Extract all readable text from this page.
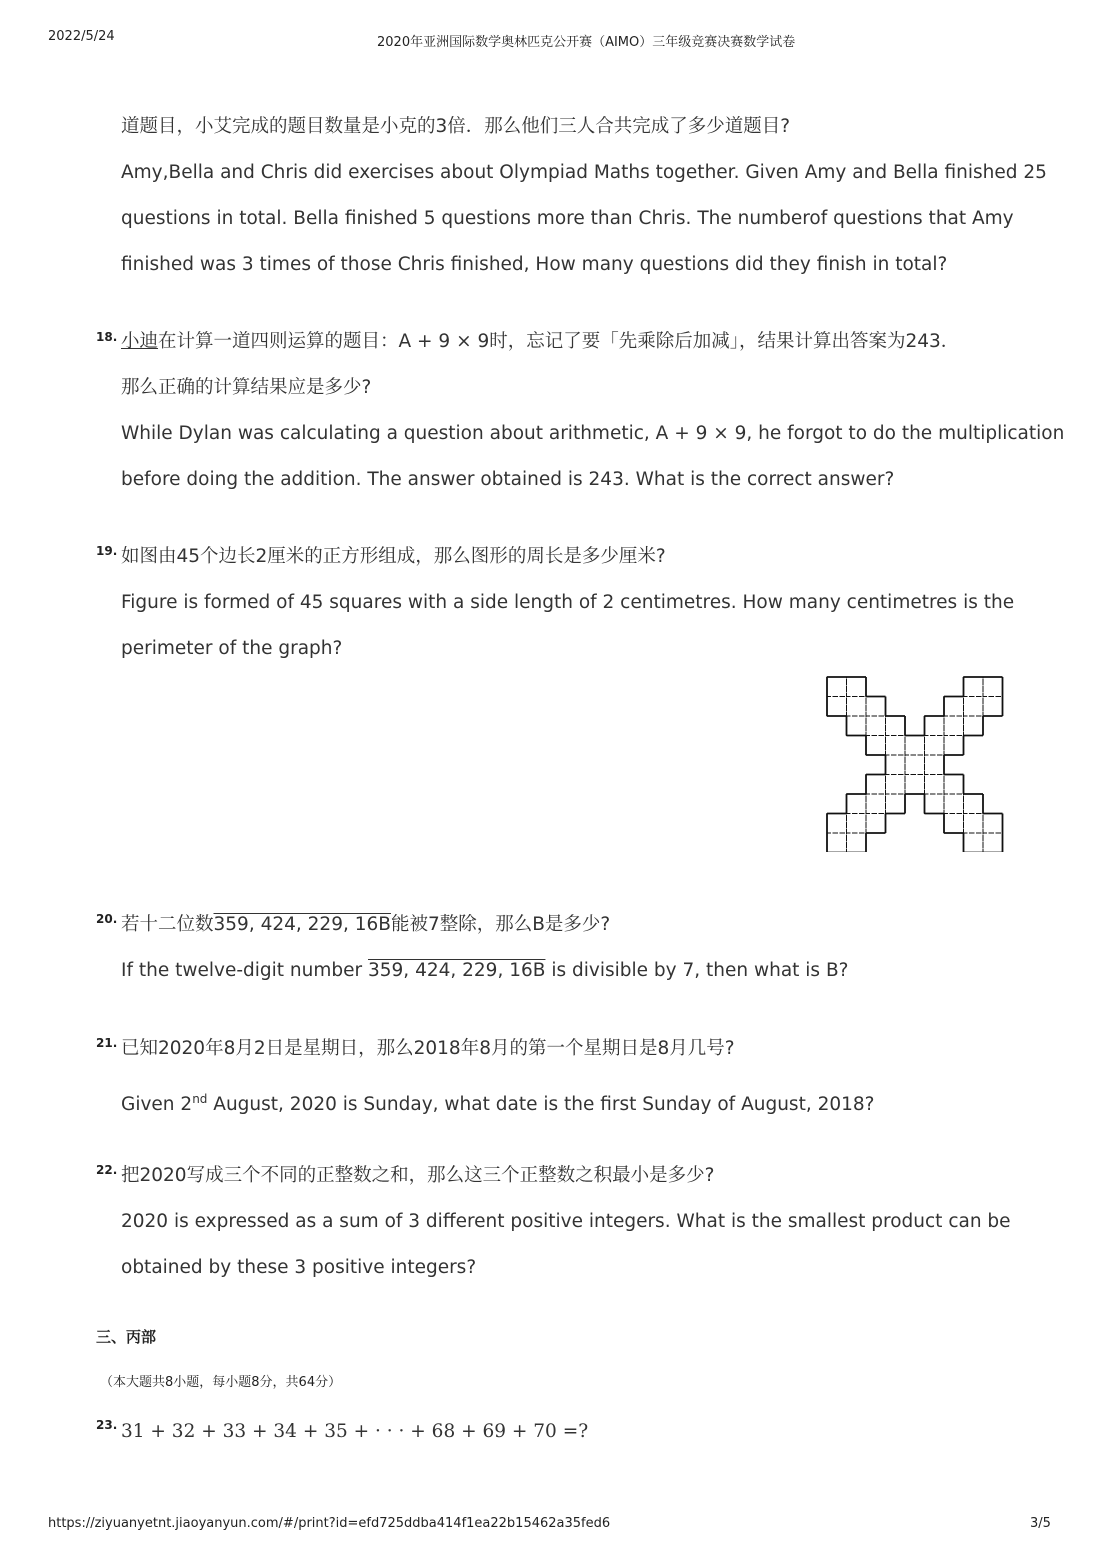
2022/5/24	2020年亚洲国际数学奥林匹克公开赛（AIMO）三年级竞赛决赛数学试卷
道题目，小艾完成的题目数量是小克的3倍．那么他们三人合共完成了多少道题目?
Amy,Bella and Chris did exercises about Olympiad Maths together. Given Amy and Bella finished 25
questions in total. Bella finished 5 questions more than Chris. The numberof questions that Amy
finished was 3 times of those Chris finished, How many questions did they finish in total?
18. 小迪在计算一道四则运算的题目：A + 9 × 9时，忘记了要「先乘除后加减」，结果计算出答案为243．
那么正确的计算结果应是多少?
While Dylan was calculating a question about arithmetic, A + 9 × 9, he forgot to do the multiplication
before doing the addition. The answer obtained is 243. What is the correct answer?
19. 如图由45个边长2厘米的正方形组成，那么图形的周长是多少厘米?
Figure is formed of 45 squares with a side length of 2 centimetres. How many centimetres is the
perimeter of the graph?
20. 若十二位数359, 424, 229, 16B能被7整除，那么B是多少?
If the twelve-digit number 359, 424, 229, 16B is divisible by 7, then what is B?
21. 已知2020年8月2日是星期日，那么2018年8月的第一个星期日是8月几号?
Given 2nd August, 2020 is Sunday, what date is the first Sunday of August, 2018?
22. 把2020写成三个不同的正整数之和，那么这三个正整数之积最小是多少?
2020 is expressed as a sum of 3 different positive integers. What is the smallest product can be
obtained by these 3 positive integers?
三、丙部
（本大题共8小题，每小题8分，共64分）
23. 31 + 32 + 33 + 34 + 35 + · · · + 68 + 69 + 70 =?
https://ziyuanyetnt.jiaoyanyun.com/#/print?id=efd725ddba414f1ea22b15462a35fed6	3/5
